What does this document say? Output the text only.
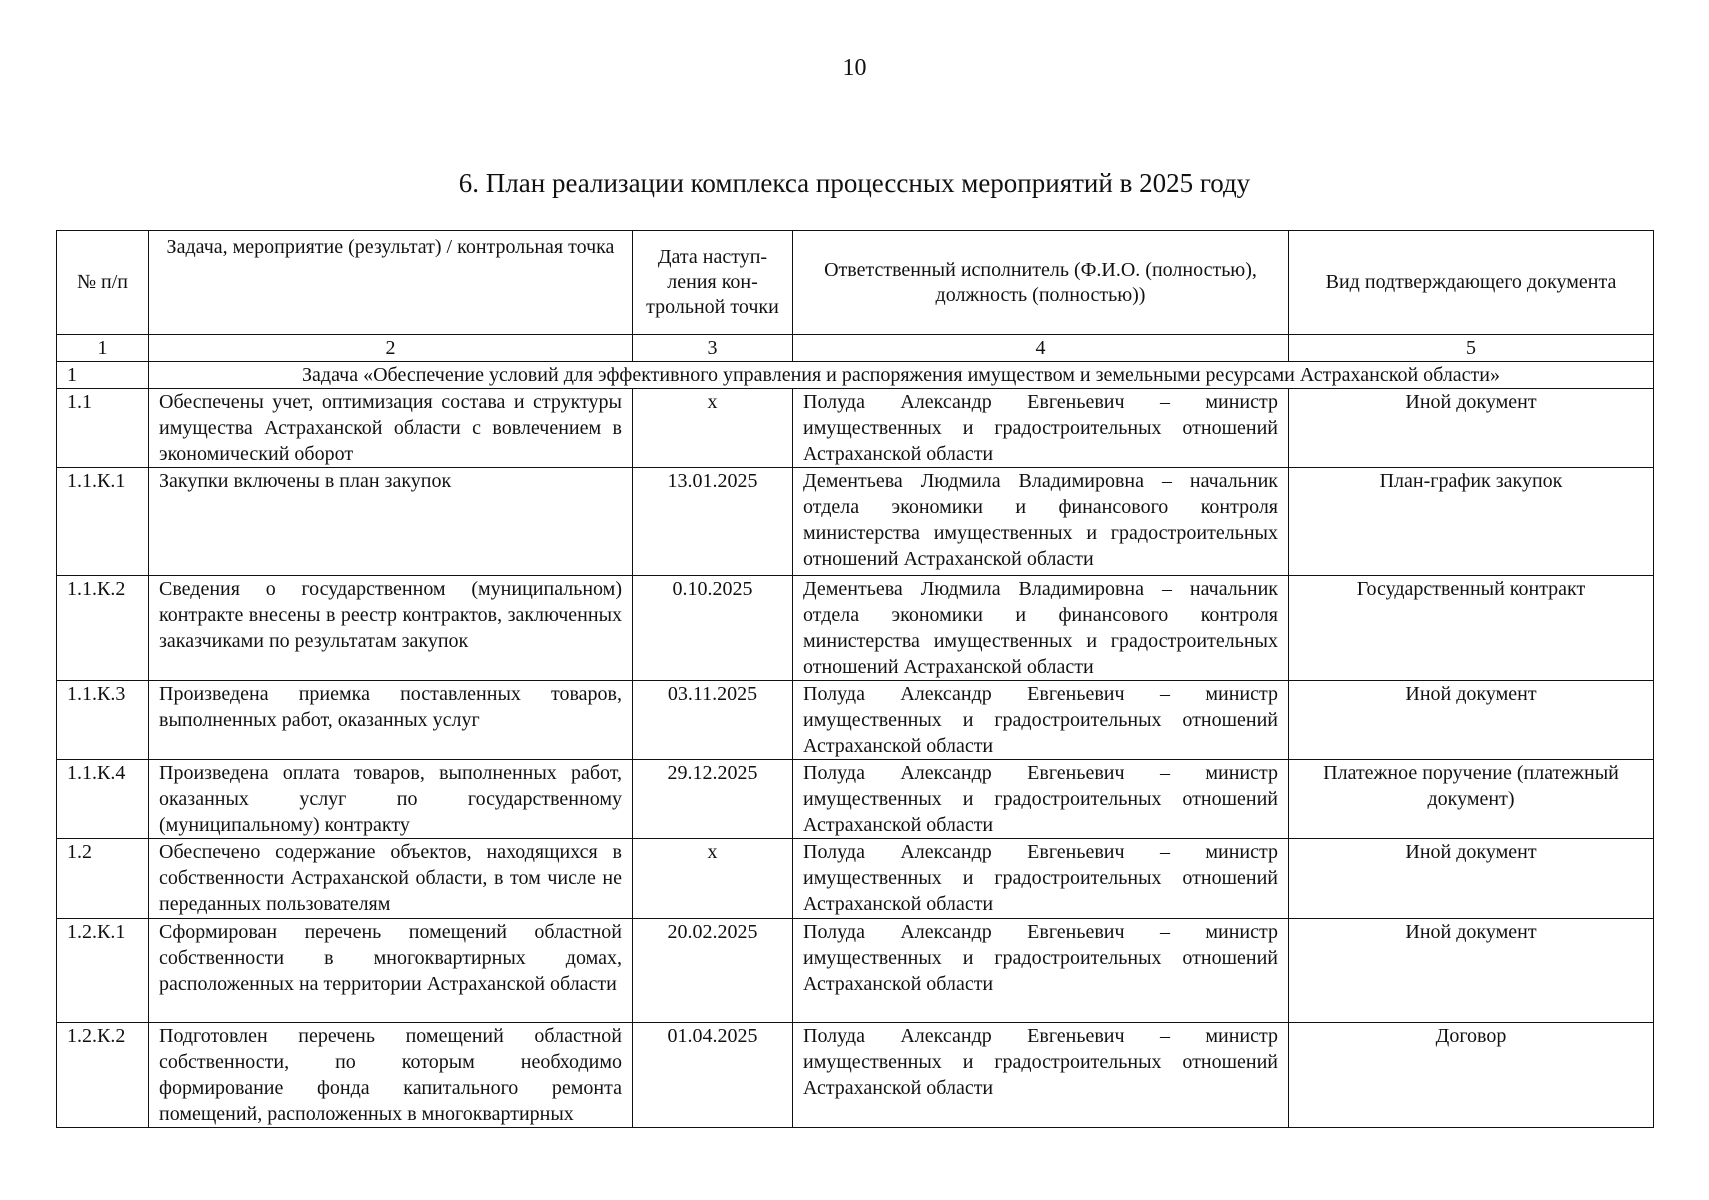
10
6. План реализации комплекса процессных мероприятий в 2025 году
№ п/п	Задача, мероприятие (результат) / контрольная точка	Дата наступ-ления кон-трольной точки	Ответственный исполнитель (Ф.И.О. (полностью), должность (полностью))	Вид подтверждающего документа
1	2	3	4	5
1	Задача «Обеспечение условий для эффективного управления и распоряжения имуществом и земельными ресурсами Астраханской области»			
1.1	Обеспечены учет, оптимизация состава и структуры имущества Астраханской области с вовлечением в экономический оборот	х	Полуда Александр Евгеньевич – министр имущественных и градостроительных отношений Астраханской области	Иной документ
1.1.К.1	Закупки включены в план закупок	13.01.2025	Дементьева Людмила Владимировна – начальник отдела экономики и финансового контроля министерства имущественных и градостроительных отношений Астраханской области	План-график закупок
1.1.К.2	Сведения о государственном (муниципальном) контракте внесены в реестр контрактов, заключенных заказчиками по результатам закупок	0.10.2025	Дементьева Людмила Владимировна – начальник отдела экономики и финансового контроля министерства имущественных и градостроительных отношений Астраханской области	Государственный контракт
1.1.К.3	Произведена приемка поставленных товаров, выполненных работ, оказанных услуг	03.11.2025	Полуда Александр Евгеньевич – министр имущественных и градостроительных отношений Астраханской области	Иной документ
1.1.К.4	Произведена оплата товаров, выполненных работ, оказанных услуг по государственному (муниципальному) контракту	29.12.2025	Полуда Александр Евгеньевич – министр имущественных и градостроительных отношений Астраханской области	Платежное поручение (платежный документ)
1.2	Обеспечено содержание объектов, находящихся в собственности Астраханской области, в том числе не переданных пользователям	х	Полуда Александр Евгеньевич – министр имущественных и градостроительных отношений Астраханской области	Иной документ
1.2.К.1	Сформирован перечень помещений областной собственности в многоквартирных домах, расположенных на территории Астраханской области	20.02.2025	Полуда Александр Евгеньевич – министр имущественных и градостроительных отношений Астраханской области	Иной документ
1.2.К.2	Подготовлен перечень помещений областной собственности, по которым необходимо формирование фонда капитального ремонта помещений, расположенных в многоквартирных	01.04.2025	Полуда Александр Евгеньевич – министр имущественных и градостроительных отношений Астраханской области	Договор
